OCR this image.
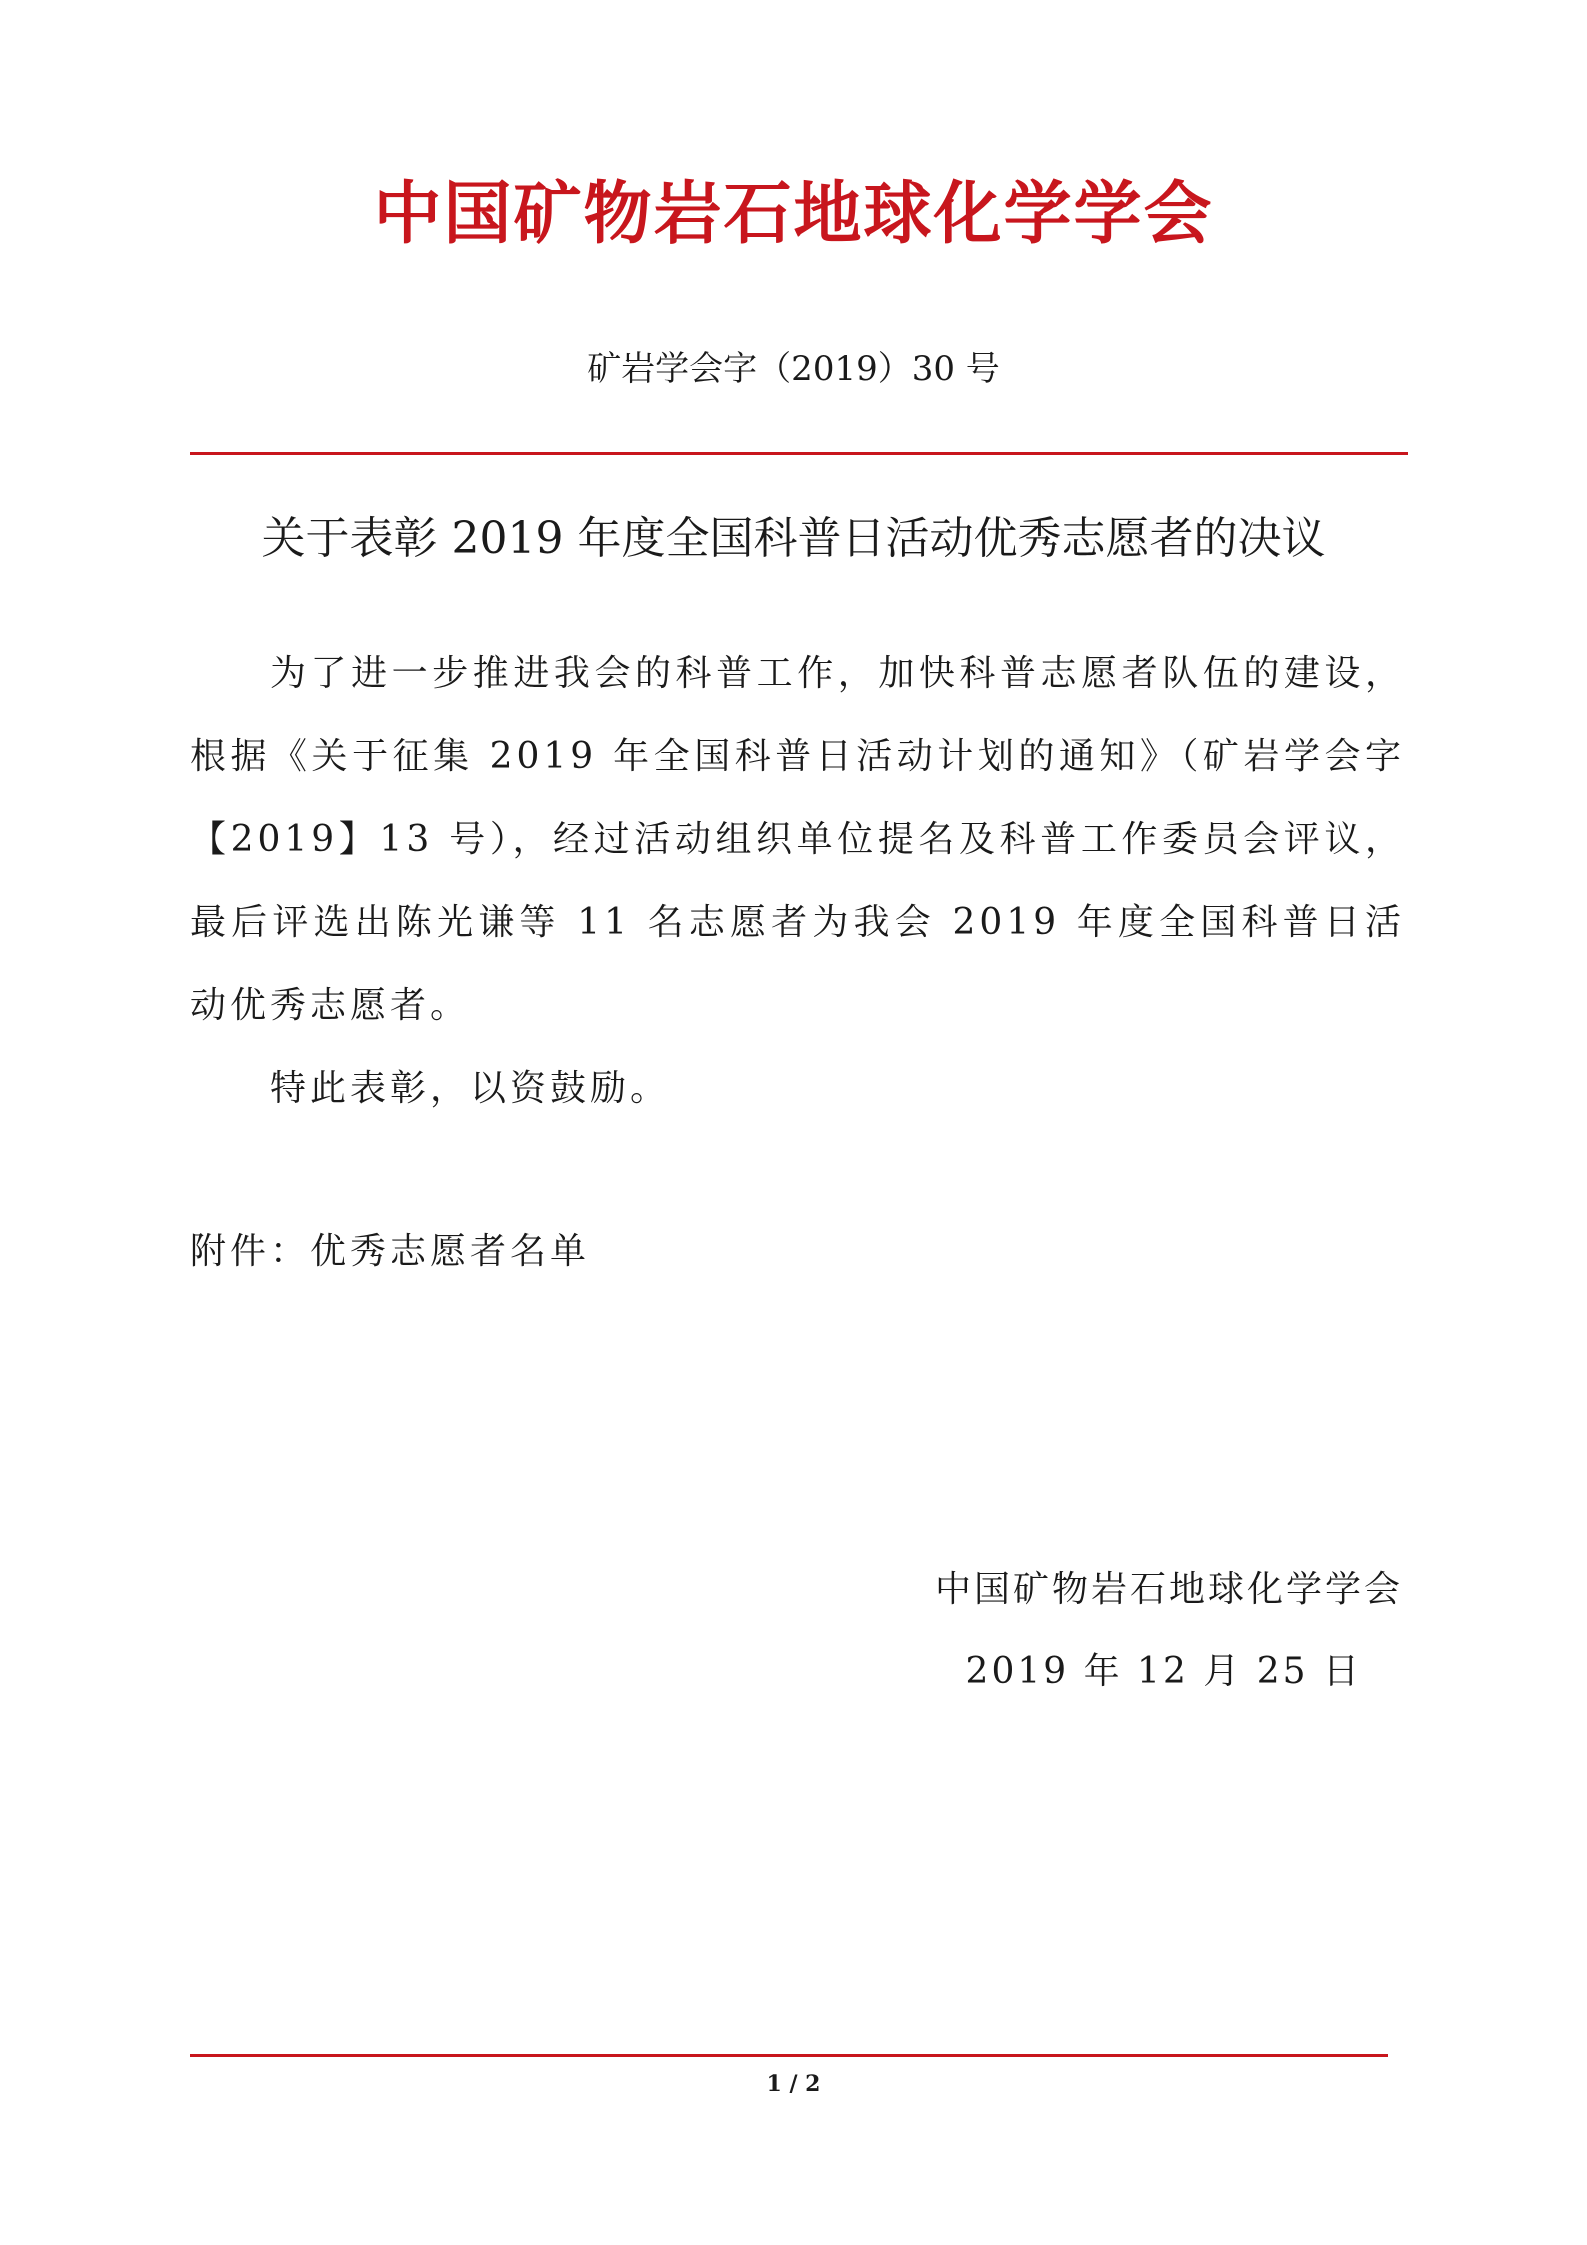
中国矿物岩石地球化学学会
矿岩学会字（2019）30 号
关于表彰 2019 年度全国科普日活动优秀志愿者的决议

为了进一步推进我会的科普工作，加快科普志愿者队伍的建设，根据《关于征集 2019 年全国科普日活动计划的通知》（矿岩学会字【2019】13 号），经过活动组织单位提名及科普工作委员会评议，最后评选出陈光谦等 11 名志愿者为我会 2019 年度全国科普日活动优秀志愿者。

特此表彰，以资鼓励。

附件：优秀志愿者名单
中国矿物岩石地球化学学会
2019 年 12 月 25 日
1 / 2
